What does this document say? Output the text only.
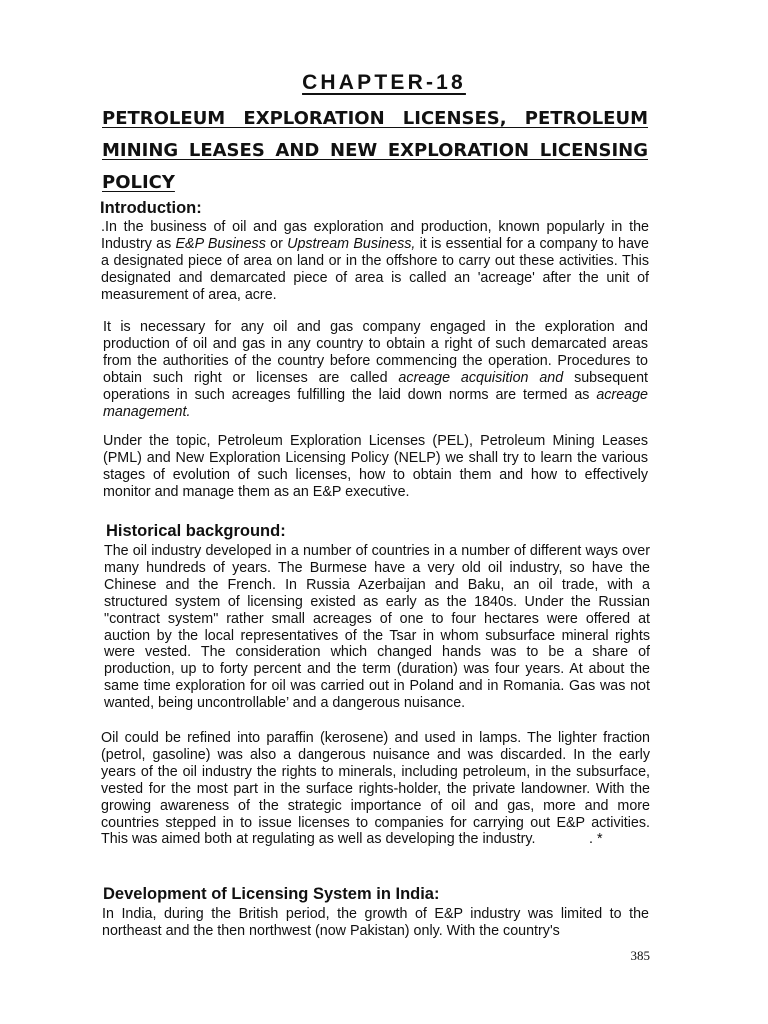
CHAPTER-18
PETROLEUM EXPLORATION LICENSES, PETROLEUM MINING LEASES AND NEW EXPLORATION LICENSING POLICY
Introduction:

.In the business of oil and gas exploration and production, known popularly in the Industry as E&P Business or Upstream Business, it is essential for a company to have a designated piece of area on land or in the offshore to carry out these activities. This designated and demarcated piece of area is called an 'acreage' after the unit of measurement of area, acre.

It is necessary for any oil and gas company engaged in the exploration and production of oil and gas in any country to obtain a right of such demarcated areas from the authorities of the country before commencing the operation. Procedures to obtain such right or licenses are called acreage acquisition and subsequent operations in such acreages fulfilling the laid down norms are termed as acreage management.

Under the topic, Petroleum Exploration Licenses (PEL), Petroleum Mining Leases (PML) and New Exploration Licensing Policy (NELP) we shall try to learn the various stages of evolution of such licenses, how to obtain them and how to effectively monitor and manage them as an E&P executive.

Historical background:

The oil industry developed in a number of countries in a number of different ways over many hundreds of years. The Burmese have a very old oil industry, so have the Chinese and the French. In Russia Azerbaijan and Baku, an oil trade, with a structured system of licensing existed as early as the 1840s. Under the Russian "contract system" rather small acreages of one to four hectares were offered at auction by the local representatives of the Tsar in whom subsurface mineral rights were vested. The consideration which changed hands was to be a share of production, up to forty percent and the term (duration) was four years. At about the same time exploration for oil was carried out in Poland and in Romania. Gas was not wanted, being uncontrollable’ and a dangerous nuisance.

Oil could be refined into paraffin (kerosene) and used in lamps. The lighter fraction (petrol, gasoline) was also a dangerous nuisance and was discarded. In the early years of the oil industry the rights to minerals, including petroleum, in the subsurface, vested for the most part in the surface rights-holder, the private landowner. With the growing awareness of the strategic importance of oil and gas, more and more countries stepped in to issue licenses to companies for carrying out E&P activities. This was aimed both at regulating as well as developing the industry.	. *

Development of Licensing System in India:

In India, during the British period, the growth of E&P industry was limited to the northeast and the then northwest (now Pakistan) only. With the country's

385
